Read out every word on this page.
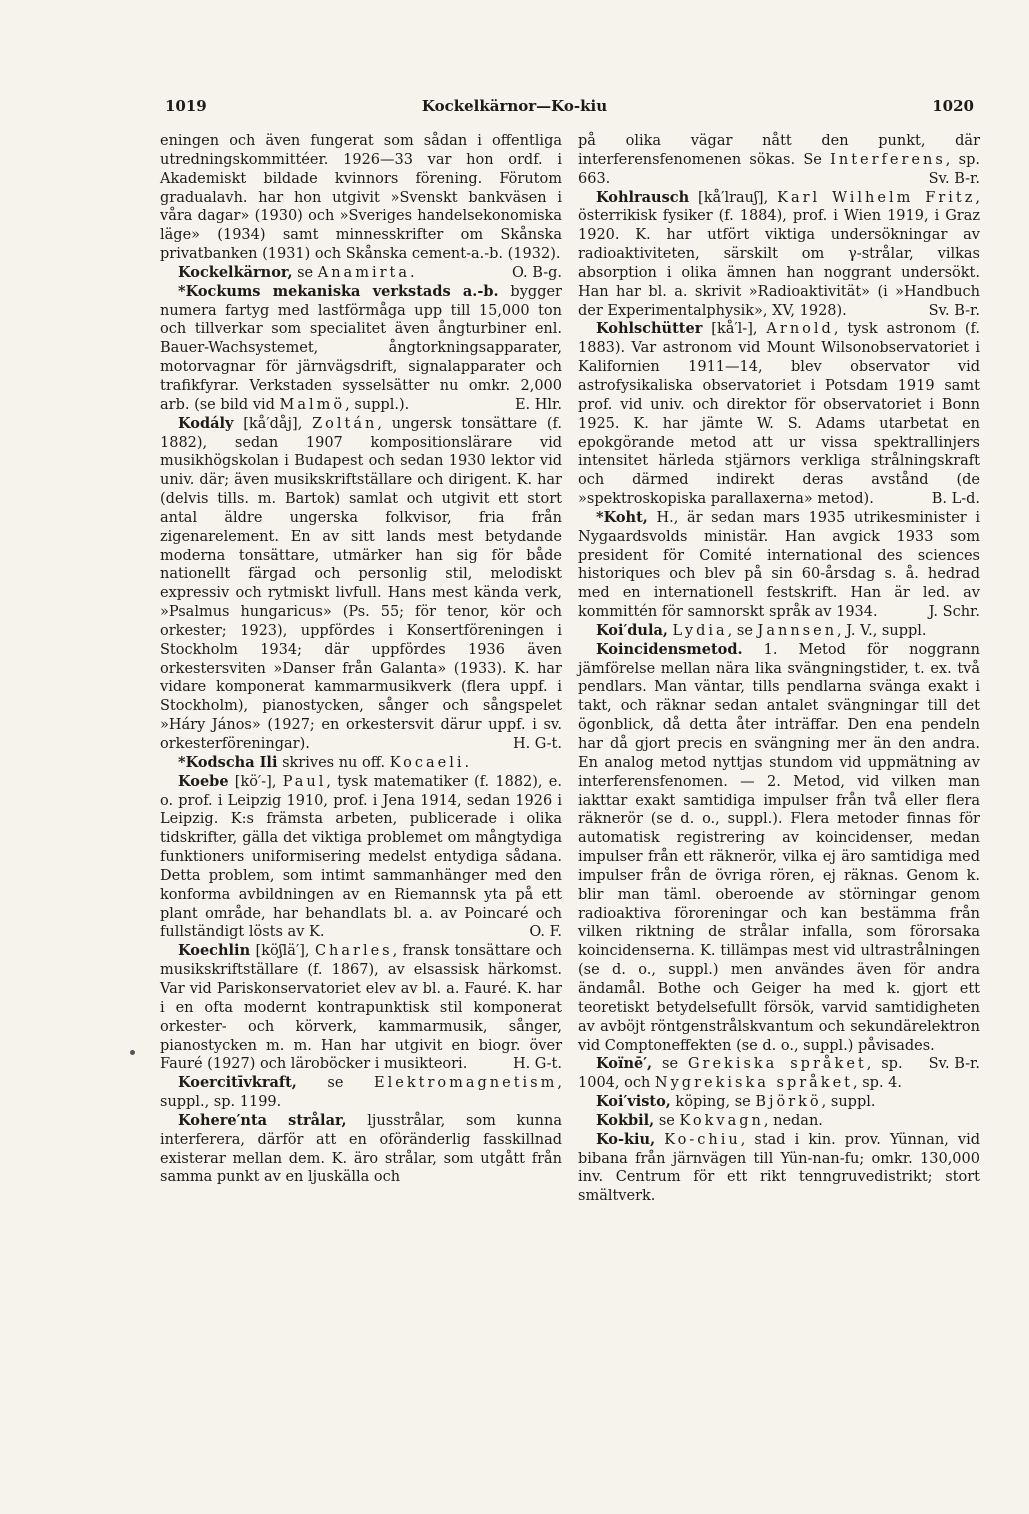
1019	Kockelkärnor—Ko-kiu	1020

eningen och även fungerat som sådan i offentliga utredningskommittéer. 1926—33 var hon ordf. i Akademiskt bildade kvinnors förening. Förutom gradualavh. har hon utgivit »Svenskt bankväsen i våra dagar» (1930) och »Sveriges handelsekonomiska läge» (1934) samt minnesskrifter om Skånska privatbanken (1931) och Skånska cement-a.-b. (1932).
O. B-g.

Kockelkärnor, se Anamirta.

*Kockums mekaniska verkstads a.-b. bygger numera fartyg med lastförmåga upp till 15,000 ton och tillverkar som specialitet även ångturbiner enl. Bauer-Wachsystemet, ångtorkningsapparater, motorvagnar för järnvägsdrift, signalapparater och trafikfyrar. Verkstaden sysselsätter nu omkr. 2,000 arb. (se bild vid Malmö, suppl.).	E. Hlr.

Kodály [kå′dåj], Zoltán, ungersk tonsättare (f. 1882), sedan 1907 kompositionslärare vid musikhögskolan i Budapest och sedan 1930 lektor vid univ. där; även musikskriftställare och dirigent. K. har (delvis tills. m. Bartok) samlat och utgivit ett stort antal äldre ungerska folkvisor, fria från zigenarelement. En av sitt lands mest betydande moderna tonsättare, utmärker han sig för både nationellt färgad och personlig stil, melodiskt expressiv och rytmiskt livfull. Hans mest kända verk, »Psalmus hungaricus» (Ps. 55; för tenor, kör och orkester; 1923), uppfördes i Konsertföreningen i Stockholm 1934; där uppfördes 1936 även orkestersviten »Danser från Galanta» (1933). K. har vidare komponerat kammarmusikverk (flera uppf. i Stockholm), pianostycken, sånger och sångspelet »Háry János» (1927; en orkestersvit därur uppf. i sv. orkesterföreningar).	H. G-t.

*Kodscha Ili skrives nu off. Kocaeli.

Koebe [kö′-], Paul, tysk matematiker (f. 1882), e. o. prof. i Leipzig 1910, prof. i Jena 1914, sedan 1926 i Leipzig. K:s främsta arbeten, publicerade i olika tidskrifter, gälla det viktiga problemet om mångtydiga funktioners uniformisering medelst entydiga sådana. Detta problem, som intimt sammanhänger med den konforma avbildningen av en Riemannsk yta på ett plant område, har behandlats bl. a. av Poincaré och fullständigt lösts av K.	O. F.

Koechlin [köʃlä′], Charles, fransk tonsättare och musikskriftställare (f. 1867), av elsassisk härkomst. Var vid Pariskonservatoriet elev av bl. a. Fauré. K. har i en ofta modernt kontrapunktisk stil komponerat orkester- och körverk, kammarmusik, sånger, pianostycken m. m. Han har utgivit en biogr. över Fauré (1927) och läroböcker i musikteori.	H. G-t.

Koercitīvkraft, se Elektromagnetism, suppl., sp. 1199.

Kohere′nta strålar, ljusstrålar, som kunna interferera, därför att en oföränderlig fasskillnad existerar mellan dem. K. äro strålar, som utgått från samma punkt av en ljuskälla och

på olika vägar nått den punkt, där interferensfenomenen sökas. Se Interferens, sp. 663.	Sv. B-r.

Kohlrausch [kå′lrauʃ], Karl Wilhelm Fritz, österrikisk fysiker (f. 1884), prof. i Wien 1919, i Graz 1920. K. har utfört viktiga undersökningar av radioaktiviteten, särskilt om γ-strålar, vilkas absorption i olika ämnen han noggrant undersökt. Han har bl. a. skrivit »Radioaktivität» (i »Handbuch der Experimentalphysik», XV, 1928).	Sv. B-r.

Kohlschütter [kå′l-], Arnold, tysk astronom (f. 1883). Var astronom vid Mount Wilsonobservatoriet i Kalifornien 1911—14, blev observator vid astrofysikaliska observatoriet i Potsdam 1919 samt prof. vid univ. och direktor för observatoriet i Bonn 1925. K. har jämte W. S. Adams utarbetat en epokgörande metod att ur vissa spektrallinjers intensitet härleda stjärnors verkliga strålningskraft och därmed indirekt deras avstånd (de »spektroskopiska parallaxerna» metod).	B. L-d.

*Koht, H., är sedan mars 1935 utrikesminister i Nygaardsvolds ministär. Han avgick 1933 som president för Comité international des sciences historiques och blev på sin 60-årsdag s. å. hedrad med en internationell festskrift. Han är led. av kommittén för samnorskt språk av 1934.	J. Schr.

Koi′dula, Lydia, se Jannsen, J. V., suppl.

Koincidensmetod. 1. Metod för noggrann jämförelse mellan nära lika svängningstider, t. ex. två pendlars. Man väntar, tills pendlarna svänga exakt i takt, och räknar sedan antalet svängningar till det ögonblick, då detta åter inträffar. Den ena pendeln har då gjort precis en svängning mer än den andra. En analog metod nyttjas stundom vid uppmätning av interferensfenomen. — 2. Metod, vid vilken man iakttar exakt samtidiga impulser från två eller flera räknerör (se d. o., suppl.). Flera metoder finnas för automatisk registrering av koincidenser, medan impulser från ett räknerör, vilka ej äro samtidiga med impulser från de övriga rören, ej räknas. Genom k. blir man täml. oberoende av störningar genom radioaktiva föroreningar och kan bestämma från vilken riktning de strålar infalla, som förorsaka koincidenserna. K. tillämpas mest vid ultrastrålningen (se d. o., suppl.) men användes även för andra ändamål. Bothe och Geiger ha med k. gjort ett teoretiskt betydelsefullt försök, varvid samtidigheten av avböjt röntgenstrålskvantum och sekundärelektron vid Comptoneffekten (se d. o., suppl.) påvisades.
Sv. B-r.

Koïnē′, se Grekiska språket, sp. 1004, och Nygrekiska språket, sp. 4.

Koi′visto, köping, se Björkö, suppl.

Kokbil, se Kokvagn, nedan.

Ko-kiu, Ko-chiu, stad i kin. prov. Yünnan, vid bibana från järnvägen till Yün-nan-fu; omkr. 130,000 inv. Centrum för ett rikt tenngruvedistrikt; stort smältverk.
